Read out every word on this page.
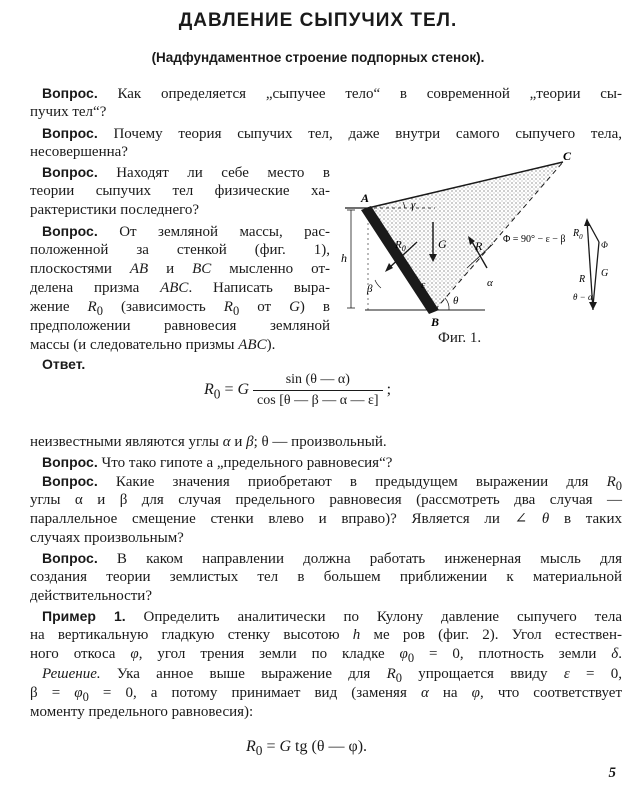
ДАВЛЕНИЕ СЫПУЧИХ ТЕЛ.
(Надфундаментное строение подпорных стенок).
Вопрос. Как определяется „сыпучее тело“ в современной „теории сы-
пучих тел“?
Вопрос. Почему теория сыпучих тел, даже внутри самого сыпучего тела,
несовершенна?
Вопрос. Находят ли себе место в
теории сыпучих тел физические ха-
рактеристики последнего?
Вопрос. От земляной массы, рас-
положенной за стенкой (фиг. 1),
плоскостями AB и BC мысленно от-
делена призма ABC. Написать выра-
жение $R_0$ (зависимость $R_0$ от G) в
предположении равновесия земляной
массы (и следовательно призмы ABC).
Ответ.
h
G
$R_0$	R
α
γ
β	ε
θ
A
B
C
Φ = 90° − ε − β
$R_0$
G
R
θ − α
Φ
Фиг. 1.
$R_0 = G \frac{\sin (\theta — \alpha)}{\cos [\theta — \beta — \alpha — \varepsilon]}$ ;
неизвестными являются углы α и β; θ — произвольный.
Вопрос. Что тако гипоте а „предельного равновесия“?
Вопрос. Какие значения приобретают в предыдущем выражении для $R_0$
углы α и β для случая предельного равновесия (рассмотреть два случая —
параллельное смещение стенки влево и вправо)? Является ли ∠ θ в таких
случаях произвольным?
Вопрос. В каком направлении должна работать инженерная мысль для
создания теории землистых тел в большем приближении к материальной
действительности?
Пример 1. Определить аналитически по Кулону давление сыпучего тела
на вертикальную гладкую стенку высотою h ме ров (фиг. 2). Угол естествен-
ного откоса φ, угол трения земли по кладке $\varphi_0 = 0$, плотность земли δ.
Решение. Ука анное выше выражение для $R_0$ упрощается ввиду ε = 0,
$\beta = \varphi_0 = 0$, а потому принимает вид (заменяя α на φ, что соответствует
моменту предельного равновесия):
$R_0 = G$ tg (θ — φ).
5
